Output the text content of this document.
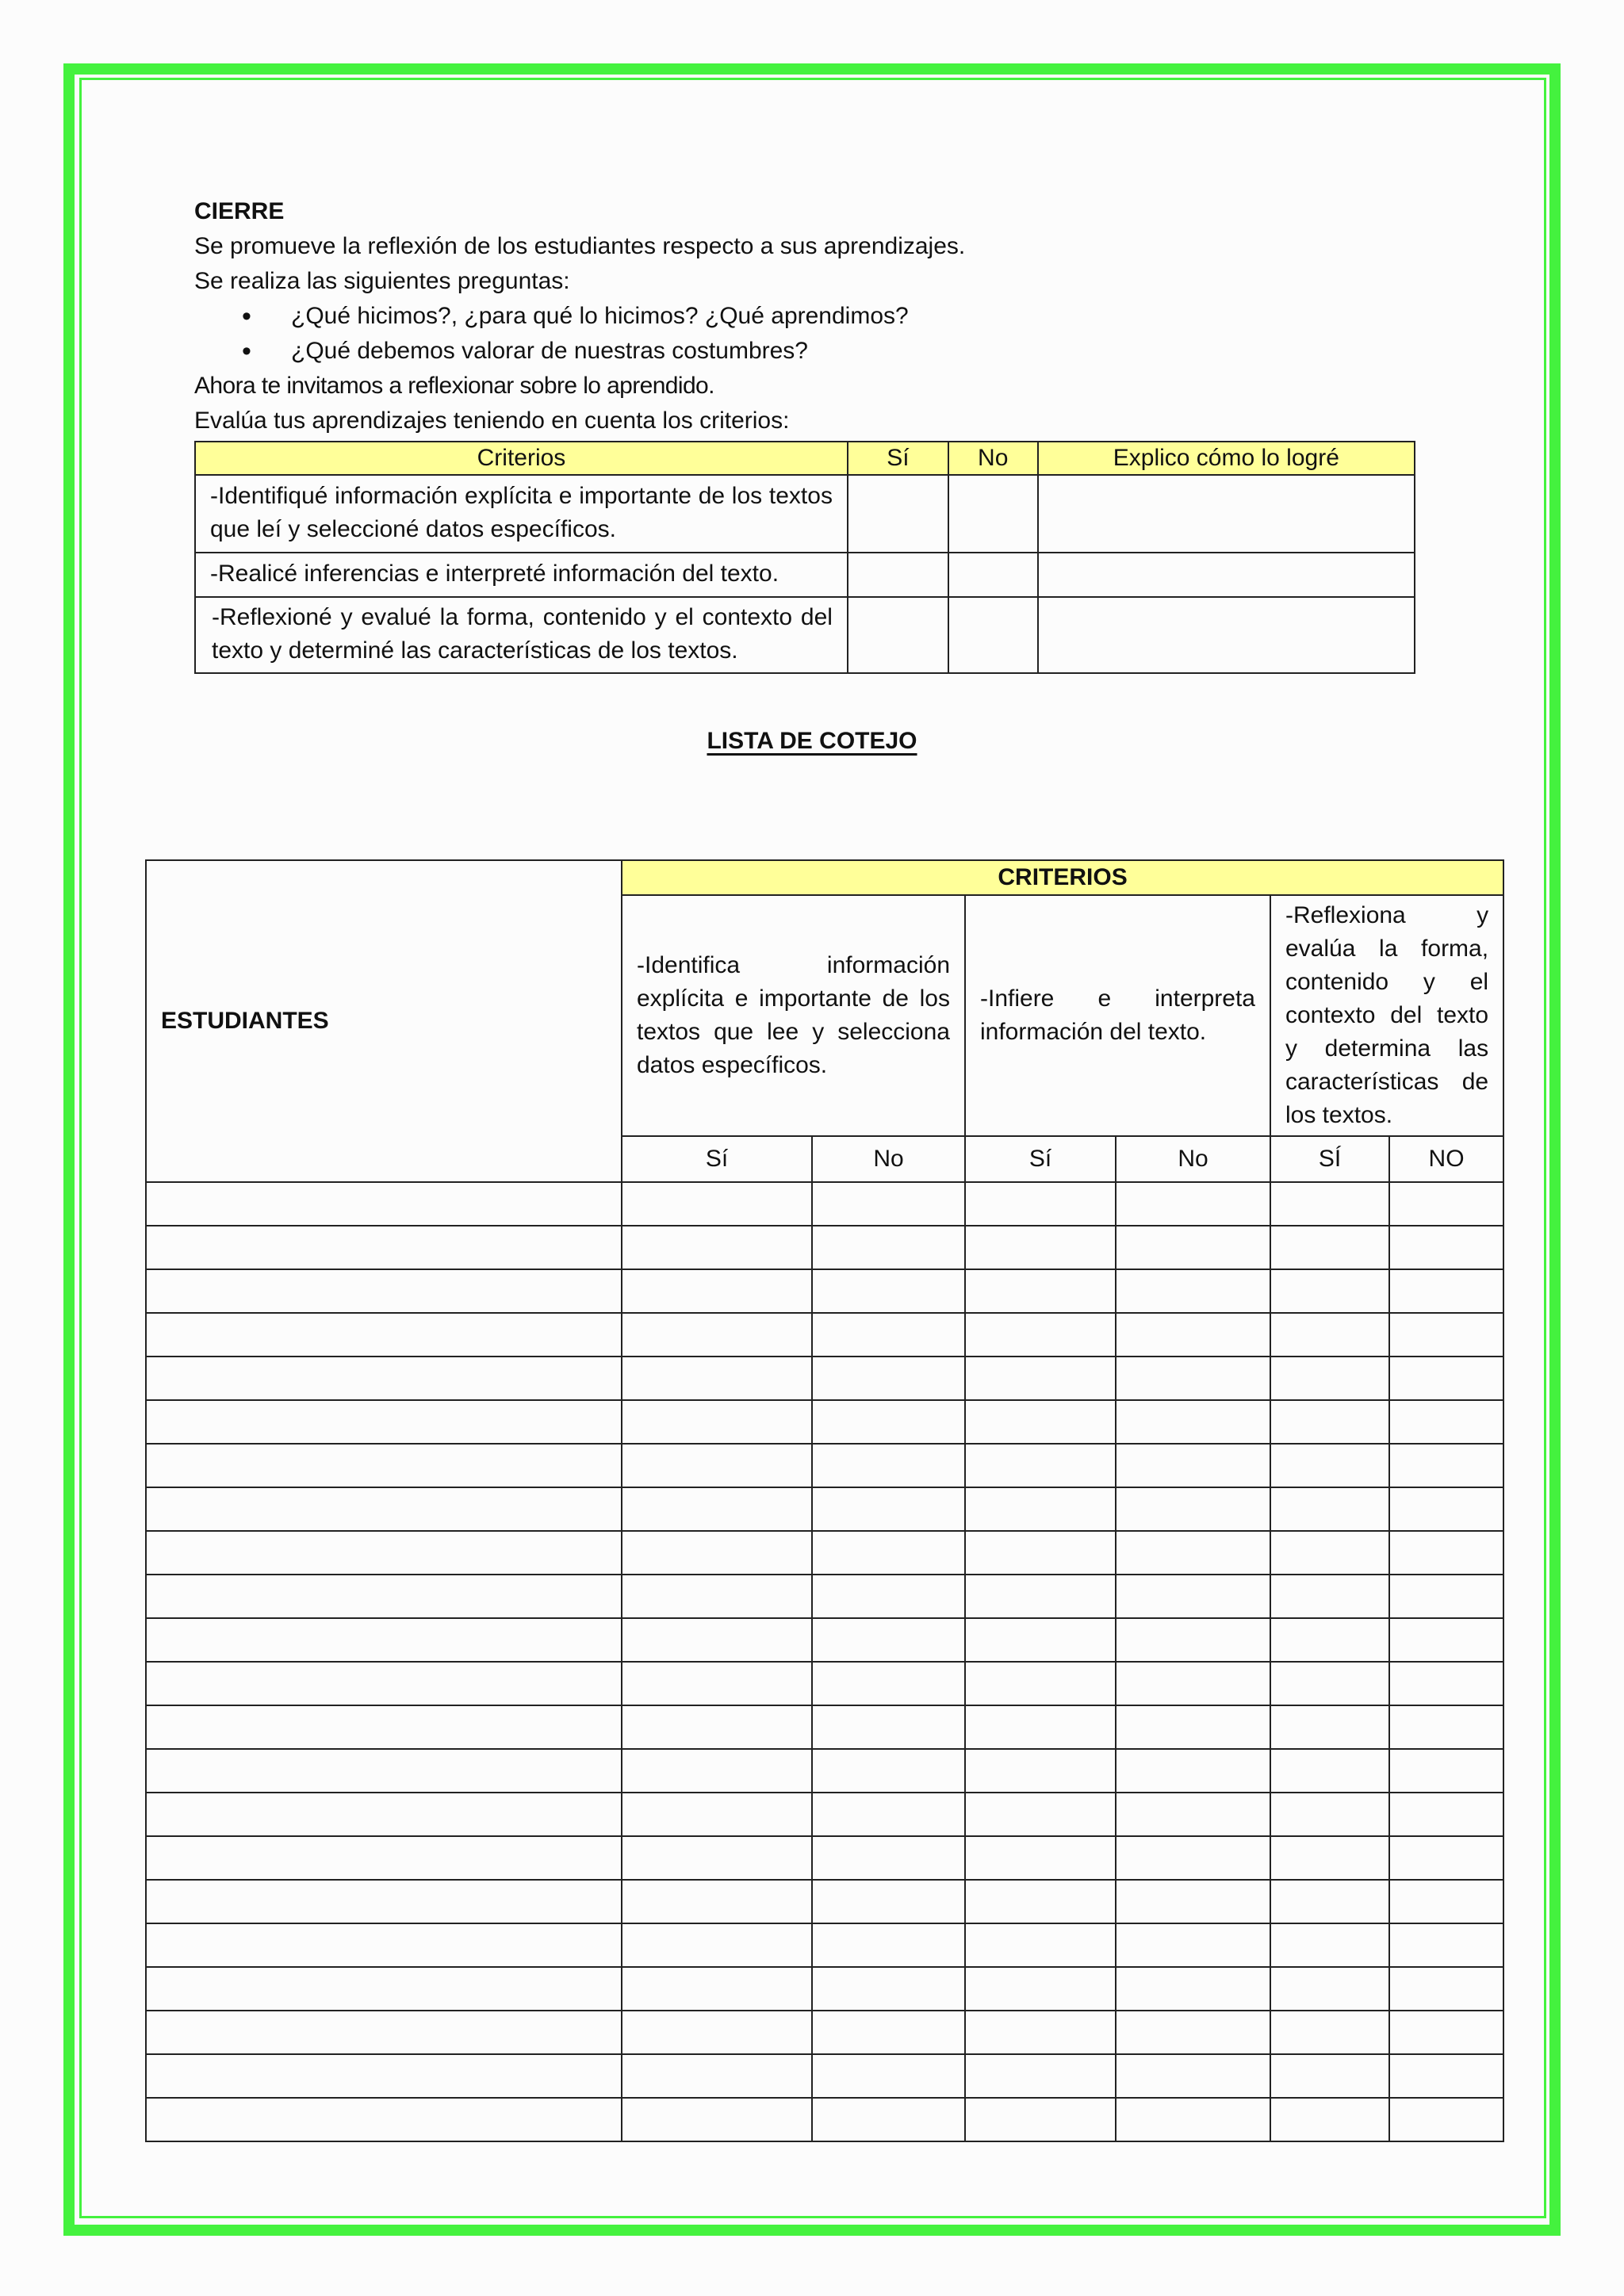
CIERRE

Se promueve la reflexión de los estudiantes respecto a sus aprendizajes.

Se realiza las siguientes preguntas:

• ¿Qué hicimos?, ¿para qué lo hicimos? ¿Qué aprendimos?
• ¿Qué debemos valorar de nuestras costumbres?

Ahora te invitamos a reflexionar sobre lo aprendido.

Evalúa tus aprendizajes teniendo en cuenta los criterios:

Criterios	Sí	No	Explico cómo lo logré
-Identifiqué información explícita e importante de los textos que leí y seleccioné datos específicos.			
-Realicé inferencias e interpreté información del texto.			
-Reflexioné y evalué la forma, contenido y el contexto del texto y determiné las características de los textos.			
LISTA DE COTEJO
ESTUDIANTES	CRITERIOS					
	-Identifica información explícita e importante de los textos que lee y selecciona datos específicos.		-Infiere e interpreta información del texto.		-Reflexiona y evalúa la forma, contenido y el contexto del texto y determina las características de los textos.	
	Sí	No	Sí	No	SÍ	NO
